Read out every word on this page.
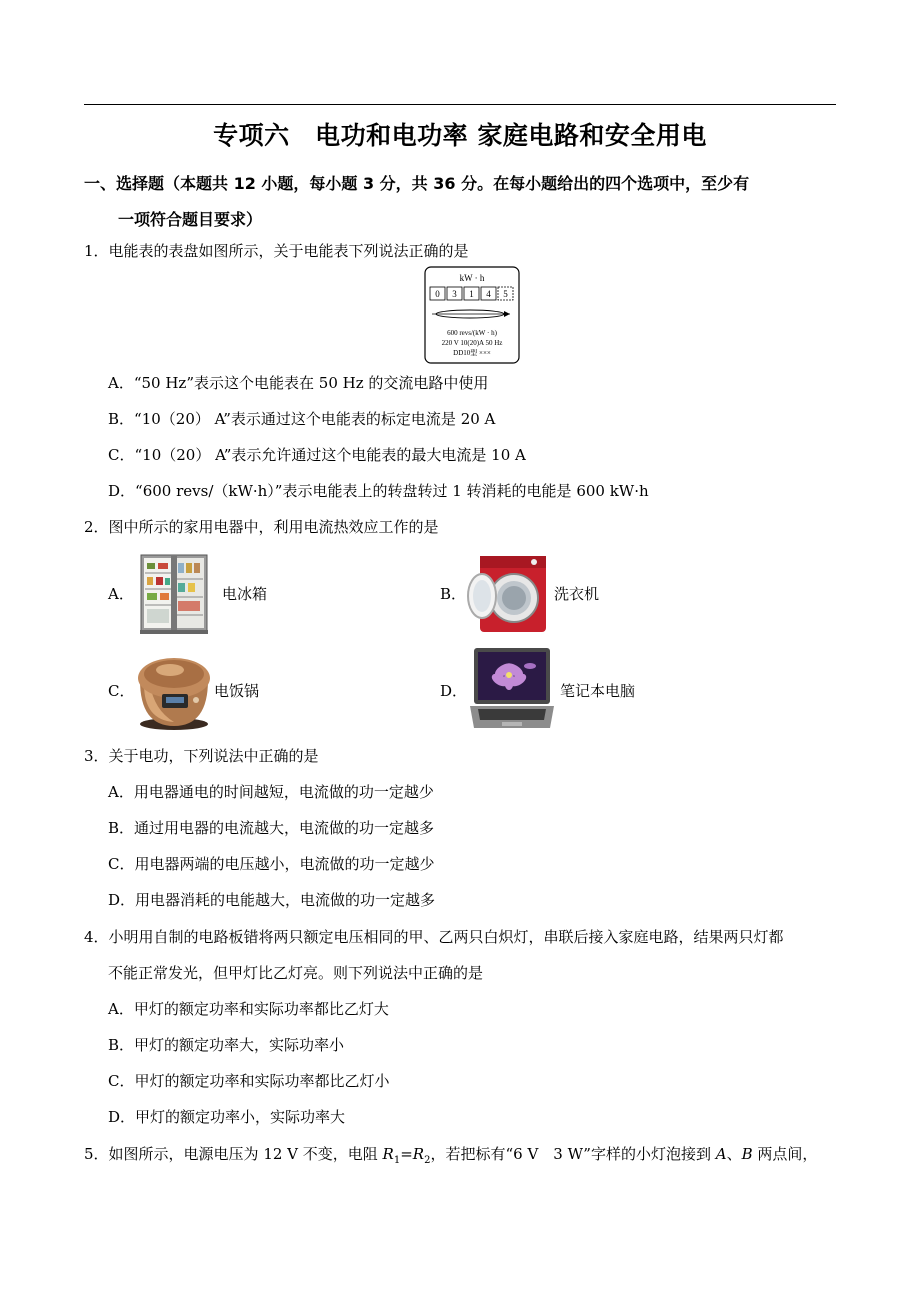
专项六　电功和电功率 家庭电路和安全用电
一、选择题（本题共 12 小题，每小题 3 分，共 36 分。在每小题给出的四个选项中，至少有
一项符合题目要求）
1．电能表的表盘如图所示，关于电能表下列说法正确的是
kW · h
0 3 1 4 5
600 revs/(kW · h)
220 V 10(20)A 50 Hz
DD10型 ×××
A．“50 Hz”表示这个电能表在 50 Hz 的交流电路中使用
B．“10（20） A”表示通过这个电能表的标定电流是 20 A
C．“10（20） A”表示允许通过这个电能表的最大电流是 10 A
D．“600 revs/（kW·h）”表示电能表上的转盘转过 1 转消耗的电能是 600 kW·h
2．图中所示的家用电器中，利用电流热效应工作的是
A．	电冰箱	B．	洗衣机
C．	电饭锅	D．	笔记本电脑
3．关于电功，下列说法中正确的是
A．用电器通电的时间越短，电流做的功一定越少
B．通过用电器的电流越大，电流做的功一定越多
C．用电器两端的电压越小，电流做的功一定越少
D．用电器消耗的电能越大，电流做的功一定越多
4．小明用自制的电路板错将两只额定电压相同的甲、乙两只白炽灯，串联后接入家庭电路，结果两只灯都
不能正常发光，但甲灯比乙灯亮。则下列说法中正确的是
A．甲灯的额定功率和实际功率都比乙灯大
B．甲灯的额定功率大，实际功率小
C．甲灯的额定功率和实际功率都比乙灯小
D．甲灯的额定功率小，实际功率大
5．如图所示，电源电压为 12 V 不变，电阻 $R_1=R_2$，若把标有“6 V　3 W”字样的小灯泡接到 A、B 两点间，
